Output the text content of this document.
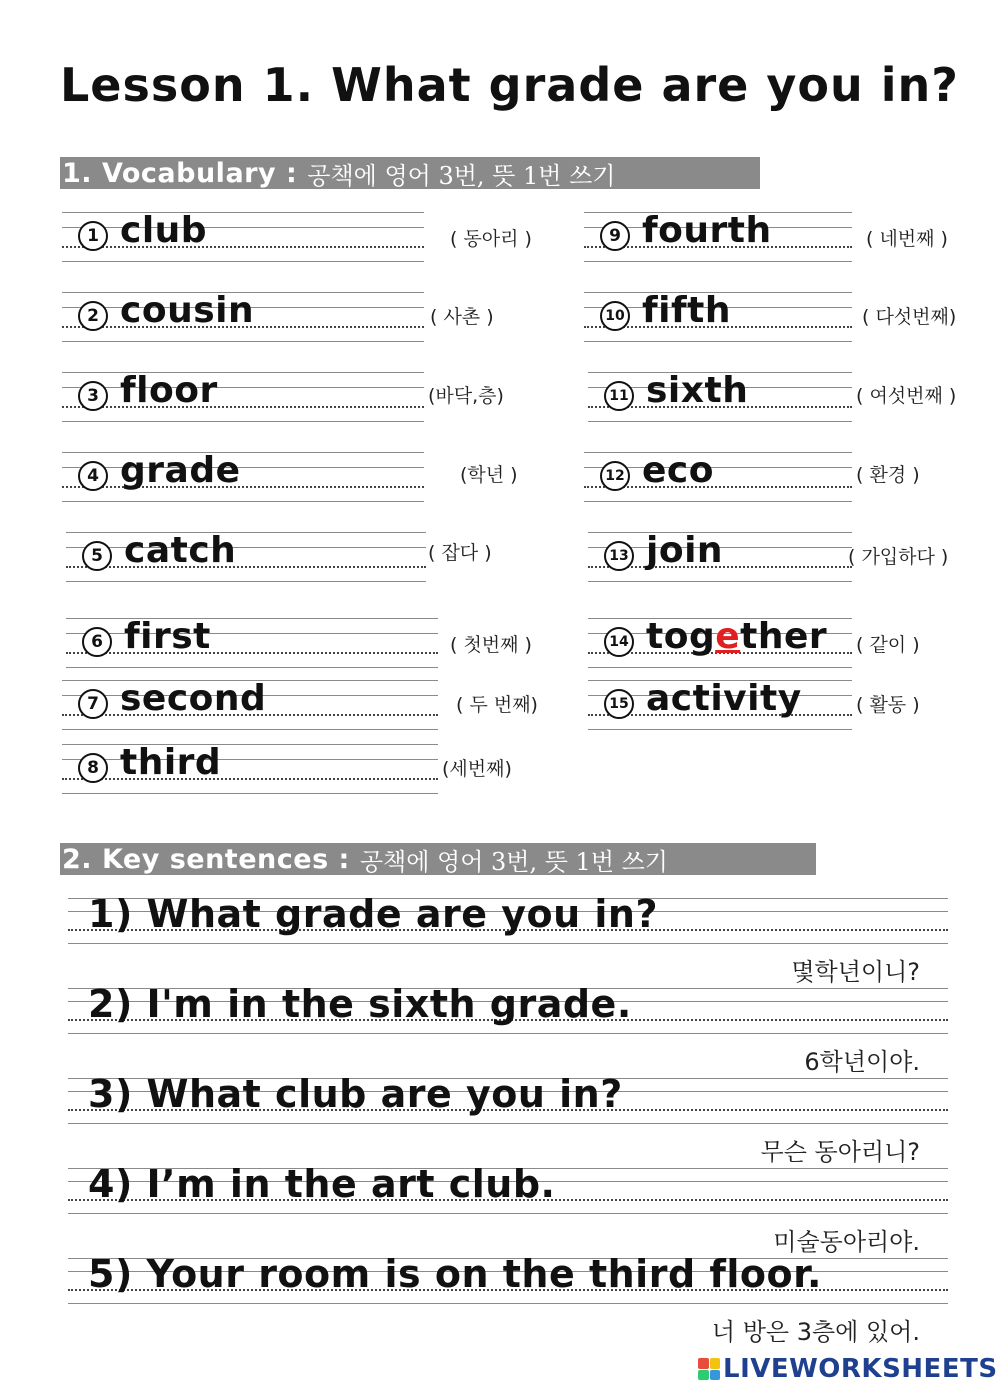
Lesson 1. What grade are you in?
1. Vocabulary : 공책에 영어 3번, 뜻 1번 쓰기
1 club	( 동아리 )
2 cousin	( 사촌 )
3 floor	(바닥,층)
4 grade	(학년 )
5 catch	( 잡다 )
6 first	( 첫번째 )
7 second	( 두 번째)
8 third	(세번째)
9 fourth	( 네번째 )
10 fifth	( 다섯번째)
11 sixth	( 여섯번째 )
12 eco	( 환경 )
13 join	( 가입하다 )
14 together ( 같이 )
15 activity	( 활동 )
2. Key sentences : 공책에 영어 3번, 뜻 1번 쓰기
1) What grade are you in?
몇학년이니?
2) I'm in the sixth grade.
6학년이야.
3) What club are you in?
무슨 동아리니?
4) I’m in the art club.
미술동아리야.
5) Your room is on the third floor.
너 방은 3층에 있어.
LIVEWORKSHEETS
